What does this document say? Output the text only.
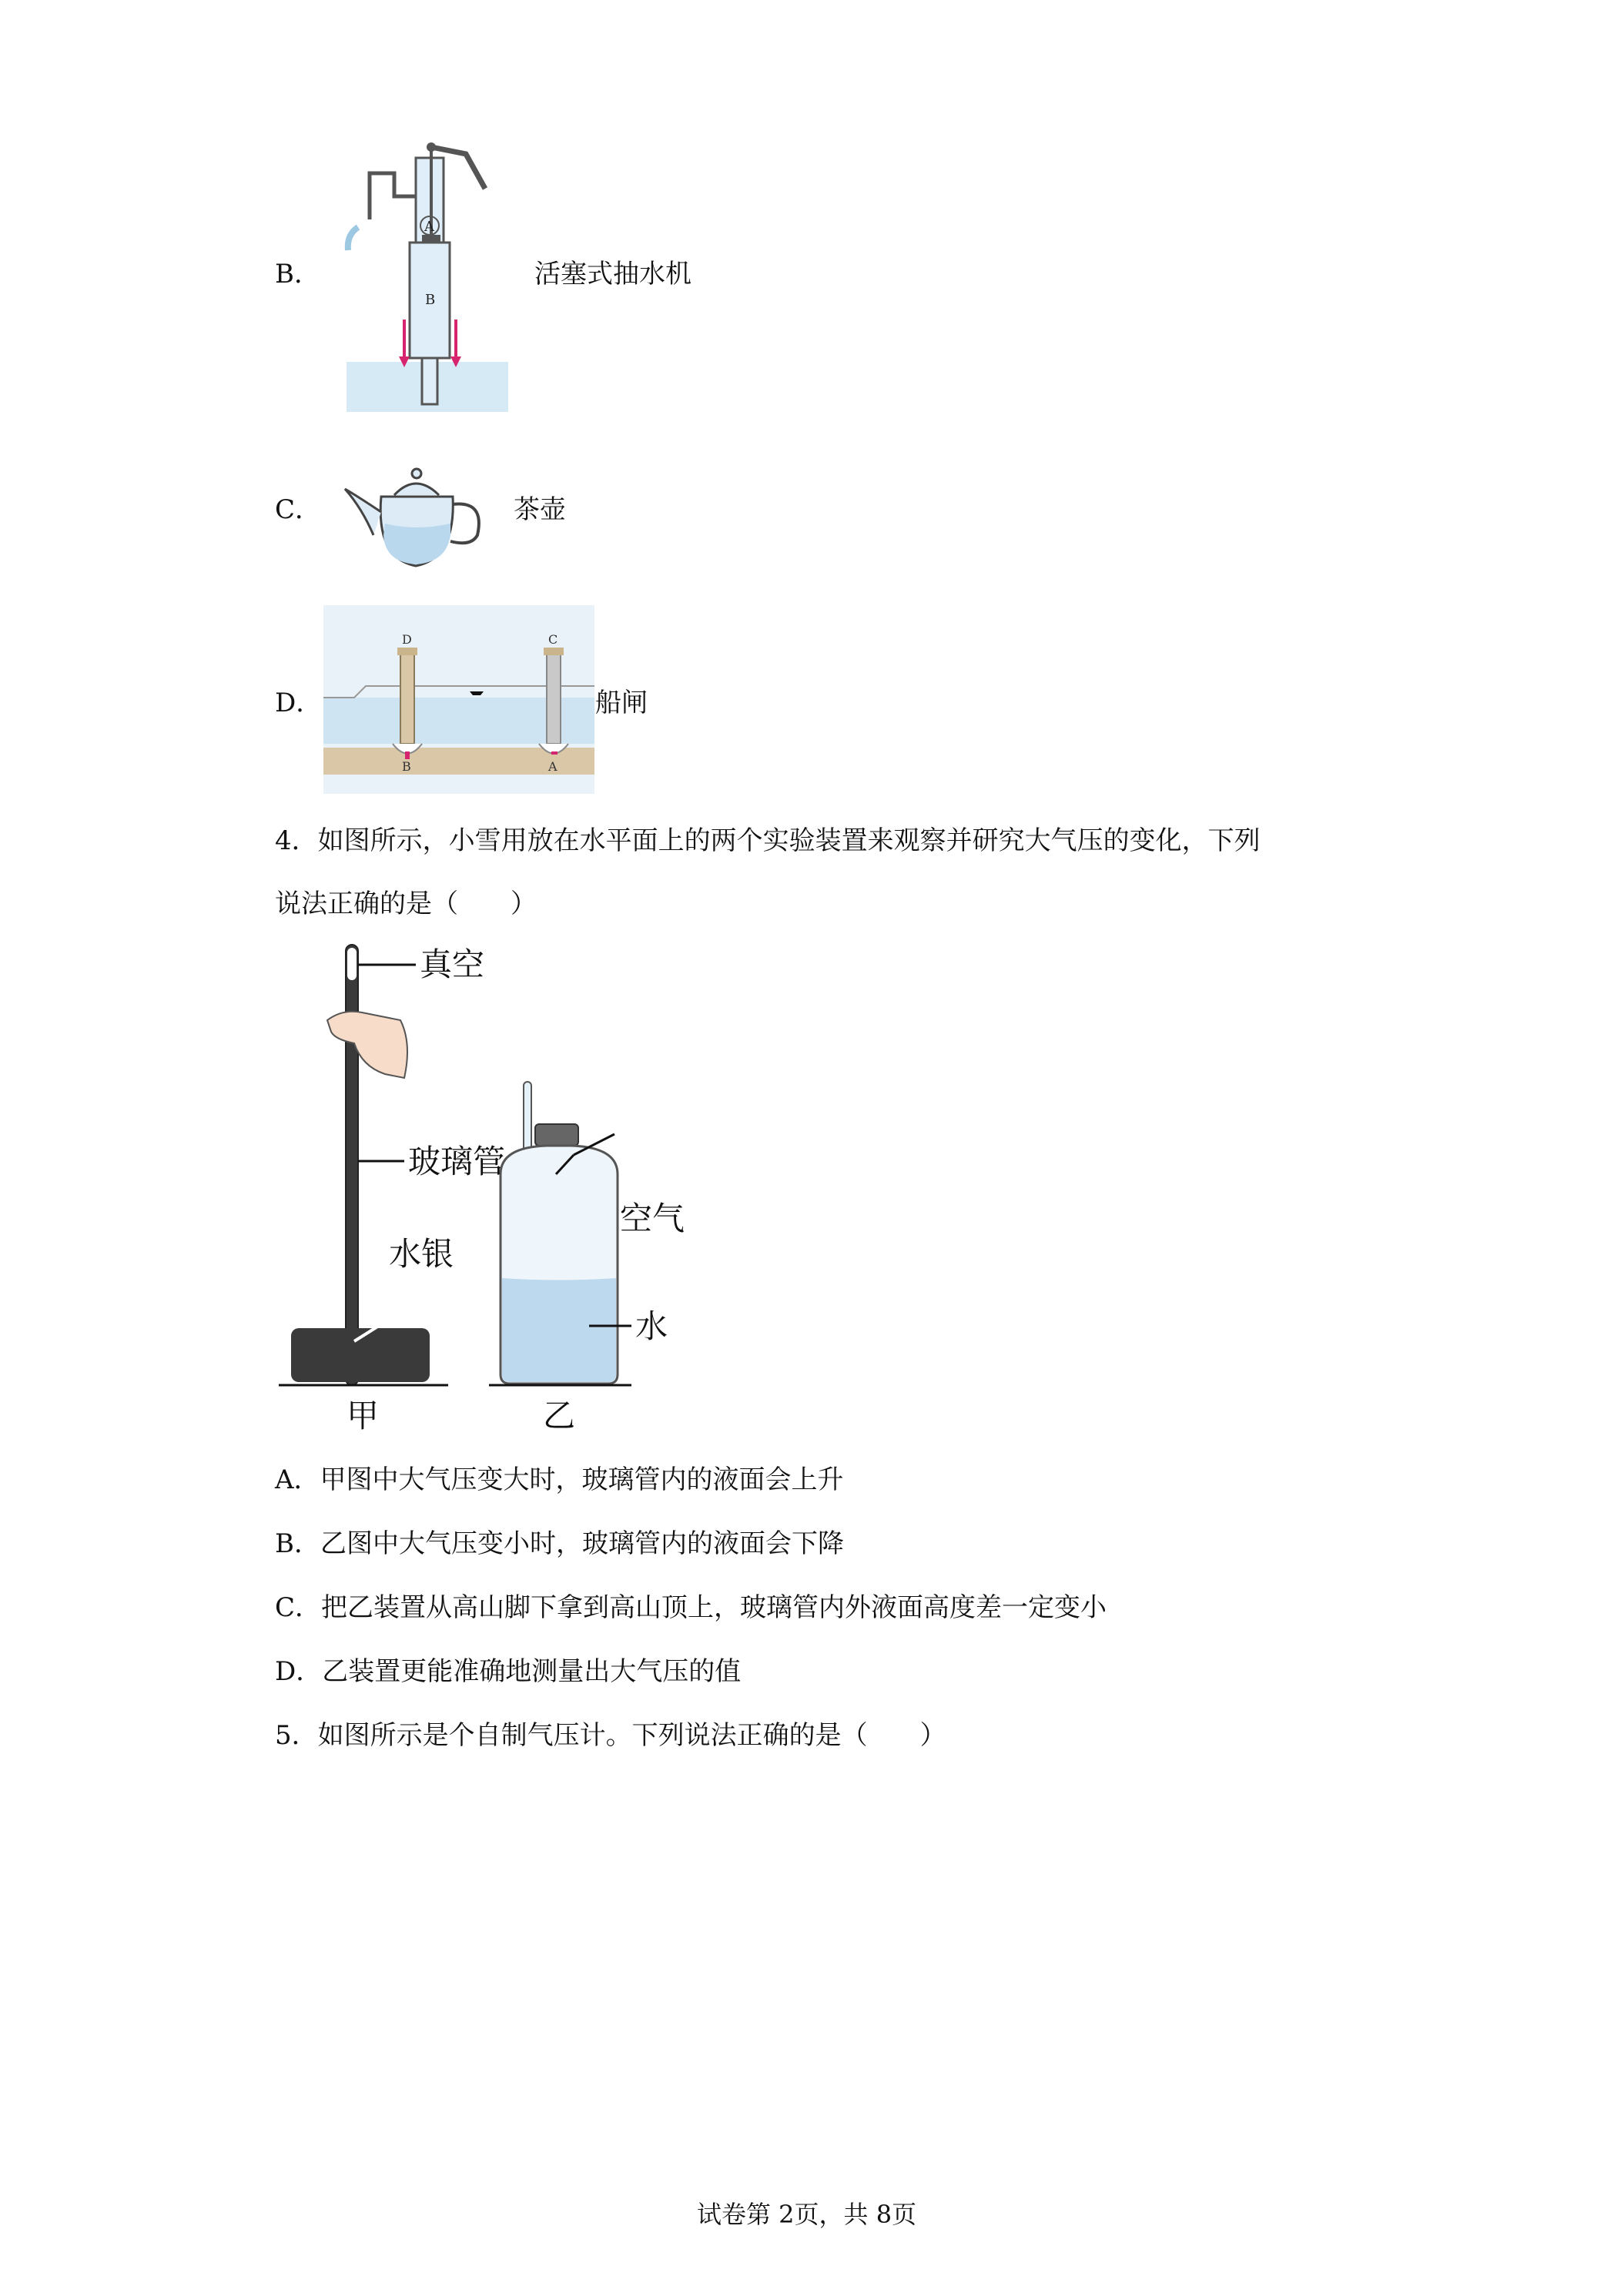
B．
A
B
活塞式抽水机
C．	茶壶
D．
D	C
B	A
船闸
4．如图所示，小雪用放在水平面上的两个实验装置来观察并研究大气压的变化，下列
说法正确的是（　　）
真空
玻璃管
水银
空气
水
甲	乙
A．甲图中大气压变大时，玻璃管内的液面会上升
B．乙图中大气压变小时，玻璃管内的液面会下降
C．把乙装置从高山脚下拿到高山顶上，玻璃管内外液面高度差一定变小
D．乙装置更能准确地测量出大气压的值
5．如图所示是个自制气压计。下列说法正确的是（　　）
试卷第 2页，共 8页
